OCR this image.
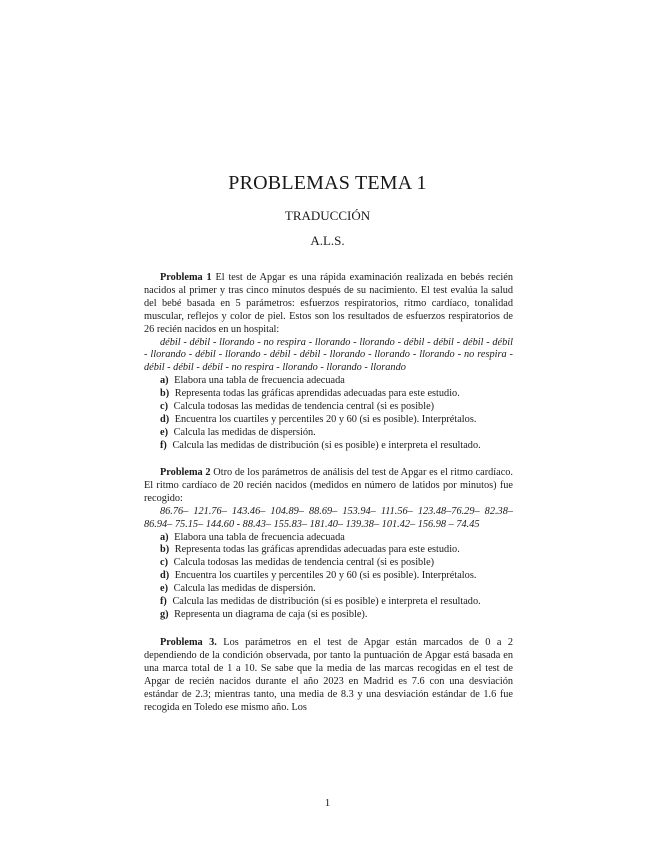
PROBLEMAS TEMA 1
TRADUCCIÓN
A.L.S.

Problema 1 El test de Apgar es una rápida examinación realizada en bebés recién nacidos al primer y tras cinco minutos después de su nacimiento. El test evalúa la salud del bebé basada en 5 parámetros: esfuerzos respiratorios, ritmo cardíaco, tonalidad muscular, reflejos y color de piel. Estos son los resultados de esfuerzos respiratorios de 26 recién nacidos en un hospital:

débil - débil - llorando - no respira - llorando - llorando - débil - débil - débil - débil - llorando - débil - llorando - débil - débil - llorando - llorando - llorando - no respira - débil - débil - débil - no respira - llorando - llorando - llorando

a) Elabora una tabla de frecuencia adecuada
b) Representa todas las gráficas aprendidas adecuadas para este estudio.
c) Calcula todosas las medidas de tendencia central (si es posible)
d) Encuentra los cuartiles y percentiles 20 y 60 (si es posible). Interprétalos.
e) Calcula las medidas de dispersión.
f) Calcula las medidas de distribución (si es posible) e interpreta el resultado.

Problema 2 Otro de los parámetros de análisis del test de Apgar es el ritmo cardíaco. El ritmo cardíaco de 20 recién nacidos (medidos en número de latidos por minutos) fue recogido:

86.76– 121.76– 143.46– 104.89– 88.69– 153.94– 111.56– 123.48–76.29– 82.38– 86.94– 75.15– 144.60 - 88.43– 155.83– 181.40– 139.38– 101.42– 156.98 – 74.45

a) Elabora una tabla de frecuencia adecuada
b) Representa todas las gráficas aprendidas adecuadas para este estudio.
c) Calcula todosas las medidas de tendencia central (si es posible)
d) Encuentra los cuartiles y percentiles 20 y 60 (si es posible). Interprétalos.
e) Calcula las medidas de dispersión.
f) Calcula las medidas de distribución (si es posible) e interpreta el resultado.
g) Representa un diagrama de caja (si es posible).

Problema 3. Los parámetros en el test de Apgar están marcados de 0 a 2 dependiendo de la condición observada, por tanto la puntuación de Apgar está basada en una marca total de 1 a 10. Se sabe que la media de las marcas recogidas en el test de Apgar de recién nacidos durante el año 2023 en Madrid es 7.6 con una desviación estándar de 2.3; mientras tanto, una media de 8.3 y una desviación estándar de 1.6 fue recogida en Toledo ese mismo año. Los

1
